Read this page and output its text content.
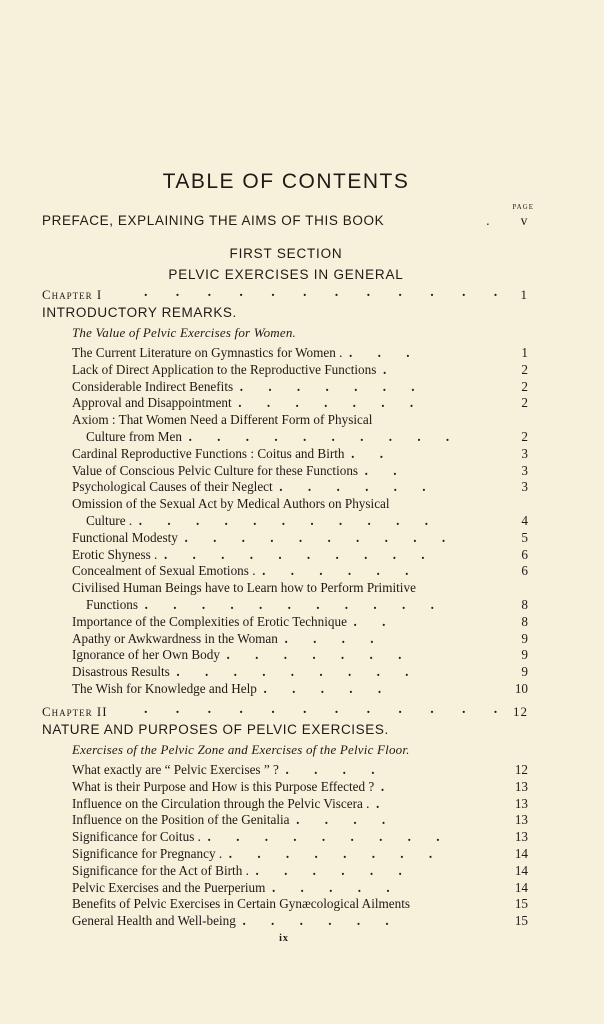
TABLE OF CONTENTS
PAGE
PREFACE, EXPLAINING THE AIMS OF THIS BOOK	. v
FIRST SECTION
PELVIC EXERCISES IN GENERAL
Chapter I	. . . . . . . . . . . . 1
INTRODUCTORY REMARKS.
The Value of Pelvic Exercises for Women.
The Current Literature on Gymnastics for Women . . . .	1
Lack of Direct Application to the Reproductive Functions .	2
Considerable Indirect Benefits . . . . . . .	2
Approval and Disappointment . . . . . . .	2
Axiom : That Women Need a Different Form of Physical
Culture from Men . . . . . . . . . .	2
Cardinal Reproductive Functions : Coitus and Birth . .	3
Value of Conscious Pelvic Culture for these Functions . .	3
Psychological Causes of their Neglect . . . . . .	3
Omission of the Sexual Act by Medical Authors on Physical
Culture . . . . . . . . . . . .	4
Functional Modesty . . . . . . . . . .	5
Erotic Shyness . . . . . . . . . . .	6
Concealment of Sexual Emotions . . . . . . .	6
Civilised Human Beings have to Learn how to Perform Primitive
Functions . . . . . . . . . . .	8
Importance of the Complexities of Erotic Technique . .	8
Apathy or Awkwardness in the Woman . . . .	9
Ignorance of her Own Body . . . . . . .	9
Disastrous Results . . . . . . . . .	9
The Wish for Knowledge and Help . . . . .	10
Chapter II	. . . . . . . . . . . . 12
NATURE AND PURPOSES OF PELVIC EXERCISES.
Exercises of the Pelvic Zone and Exercises of the Pelvic Floor.
What exactly are “ Pelvic Exercises ” ? . . . .	12
What is their Purpose and How is this Purpose Effected ? .	13
Influence on the Circulation through the Pelvic Viscera . .	13
Influence on the Position of the Genitalia . . . .	13
Significance for Coitus . . . . . . . . . .	13
Significance for Pregnancy . . . . . . . . .	14
Significance for the Act of Birth . . . . . . .	14
Pelvic Exercises and the Puerperium . . . . .	14
Benefits of Pelvic Exercises in Certain Gynæcological Ailments	15
General Health and Well-being . . . . . .	15
ix
